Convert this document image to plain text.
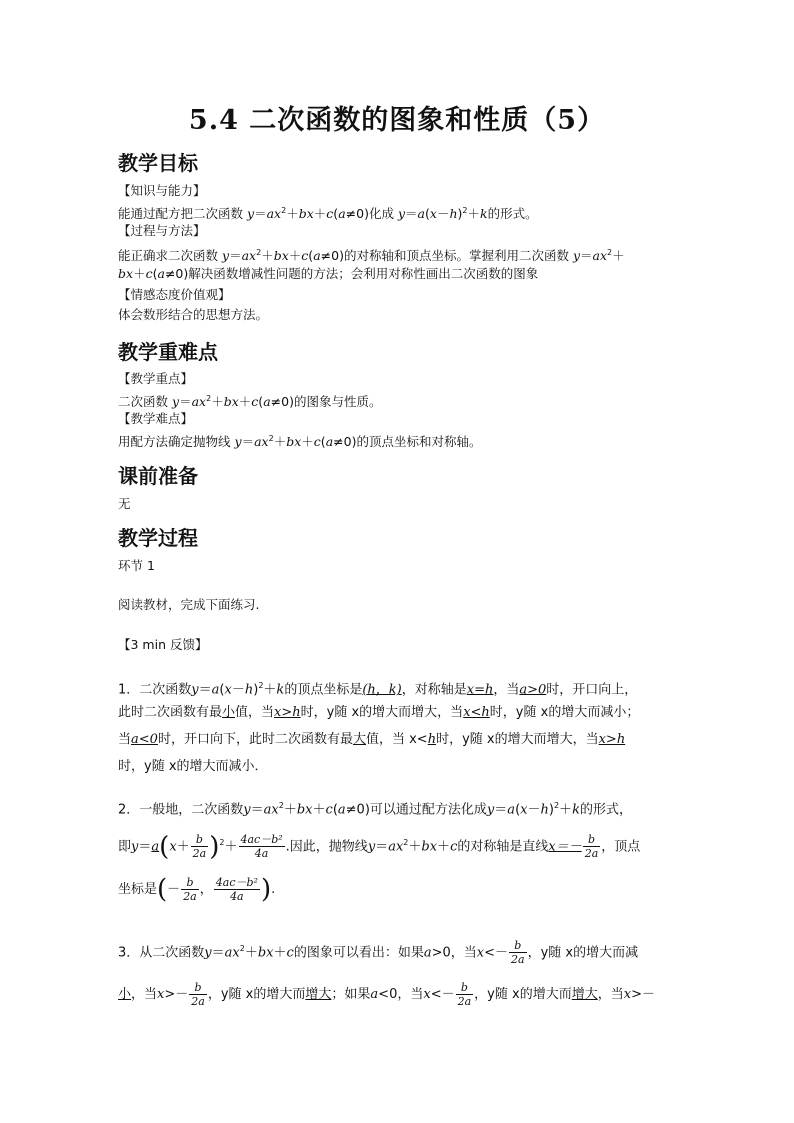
5.4 二次函数的图象和性质（5）
教学目标
【知识与能力】
能通过配方把二次函数 $y=ax^2+bx+c(a\ne 0)$化成 $y=a(x-h)^2+k$的形式。
【过程与方法】
能正确求二次函数 $y=ax^2+bx+c(a\ne 0)$的对称轴和顶点坐标。掌握利用二次函数 $y=ax^2+$
bx＋c(a≠0)解决函数增减性问题的方法；会利用对称性画出二次函数的图象
【情感态度价值观】
体会数形结合的思想方法。
教学重难点
【教学重点】
二次函数 $y=ax^2+bx+c(a\ne 0)$的图象与性质。
【教学难点】
用配方法确定抛物线 $y=ax^2+bx+c(a\ne 0)$的顶点坐标和对称轴。
课前准备
无
教学过程
环节 1
阅读教材，完成下面练习.
【3 min 反馈】
1．二次函数$y=a(x-h)^2+k$的顶点坐标是(h，k)，对称轴是x=h，当a>0时，开口向上，
此时二次函数有最小值，当x>h时，y随 x的增大而增大，当x<h时，y随 x的增大而减小；
当a<0时，开口向下，此时二次函数有最大值，当 x<h时，y随 x的增大而增大，当x>h
时，y随 x的增大而减小．
2．一般地，二次函数$y=ax^2+bx+c(a\ne 0)$可以通过配方法化成$y=a(x-h)^2+k$的形式，
即$y=a(x+ \frac{b}{2a} )^2+ \frac{\text{4ac－b²}}{4a}$ .因此，抛物线$y=ax^2+bx+c$的对称轴是直线$x=- \frac{b}{2a}$ ，顶点
坐标是(－ $\frac{b}{2a}$ ， $\frac{\text{4ac－b²}}{4a}$ ).
3．从二次函数$y=ax^2+bx+c$的图象可以看出：如果a>0，当$x<- \frac{b}{2a}$ ，y随 x的增大而减
小，当$x>- \frac{b}{2a}$ ，y随 x的增大而增大；如果a<0，当$x<- \frac{b}{2a}$ ，y随 x的增大而增大，当x>－
